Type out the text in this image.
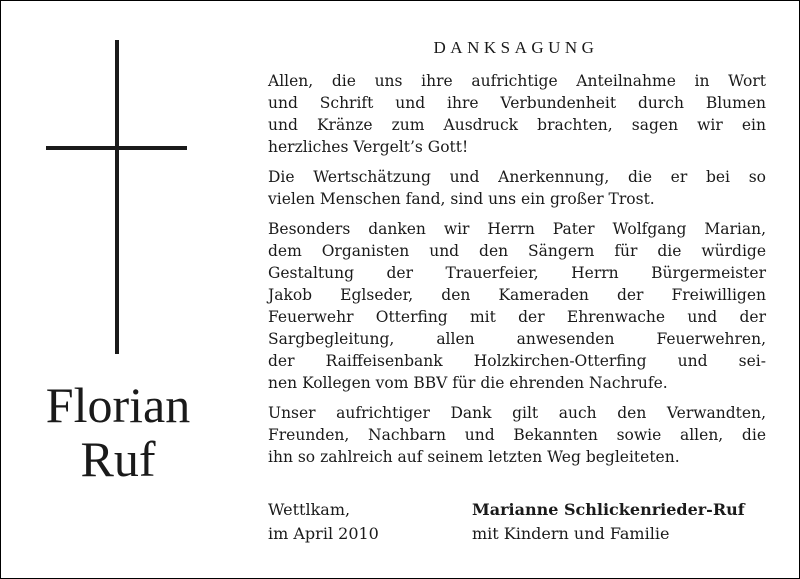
Florian
Ruf
DANKSAGUNG

Allen, die uns ihre aufrichtige Anteilnahme in Wort
und Schrift und ihre Verbundenheit durch Blumen
und Kränze zum Ausdruck brachten, sagen wir ein
herzliches Vergelt’s Gott!

Die Wertschätzung und Anerkennung, die er bei so
vielen Menschen fand, sind uns ein großer Trost.

Besonders danken wir Herrn Pater Wolfgang Marian,
dem Organisten und den Sängern für die würdige
Gestaltung der Trauerfeier, Herrn Bürgermeister
Jakob Eglseder, den Kameraden der Freiwilligen
Feuerwehr Otterfing mit der Ehrenwache und der
Sargbegleitung, allen anwesenden Feuerwehren,
der Raiffeisenbank Holzkirchen-Otterfing und sei-
nen Kollegen vom BBV für die ehrenden Nachrufe.

Unser aufrichtiger Dank gilt auch den Verwandten,
Freunden, Nachbarn und Bekannten sowie allen, die
ihn so zahlreich auf seinem letzten Weg begleiteten.

Wettlkam,
im April 2010
Marianne Schlickenrieder-Ruf
mit Kindern und Familie
